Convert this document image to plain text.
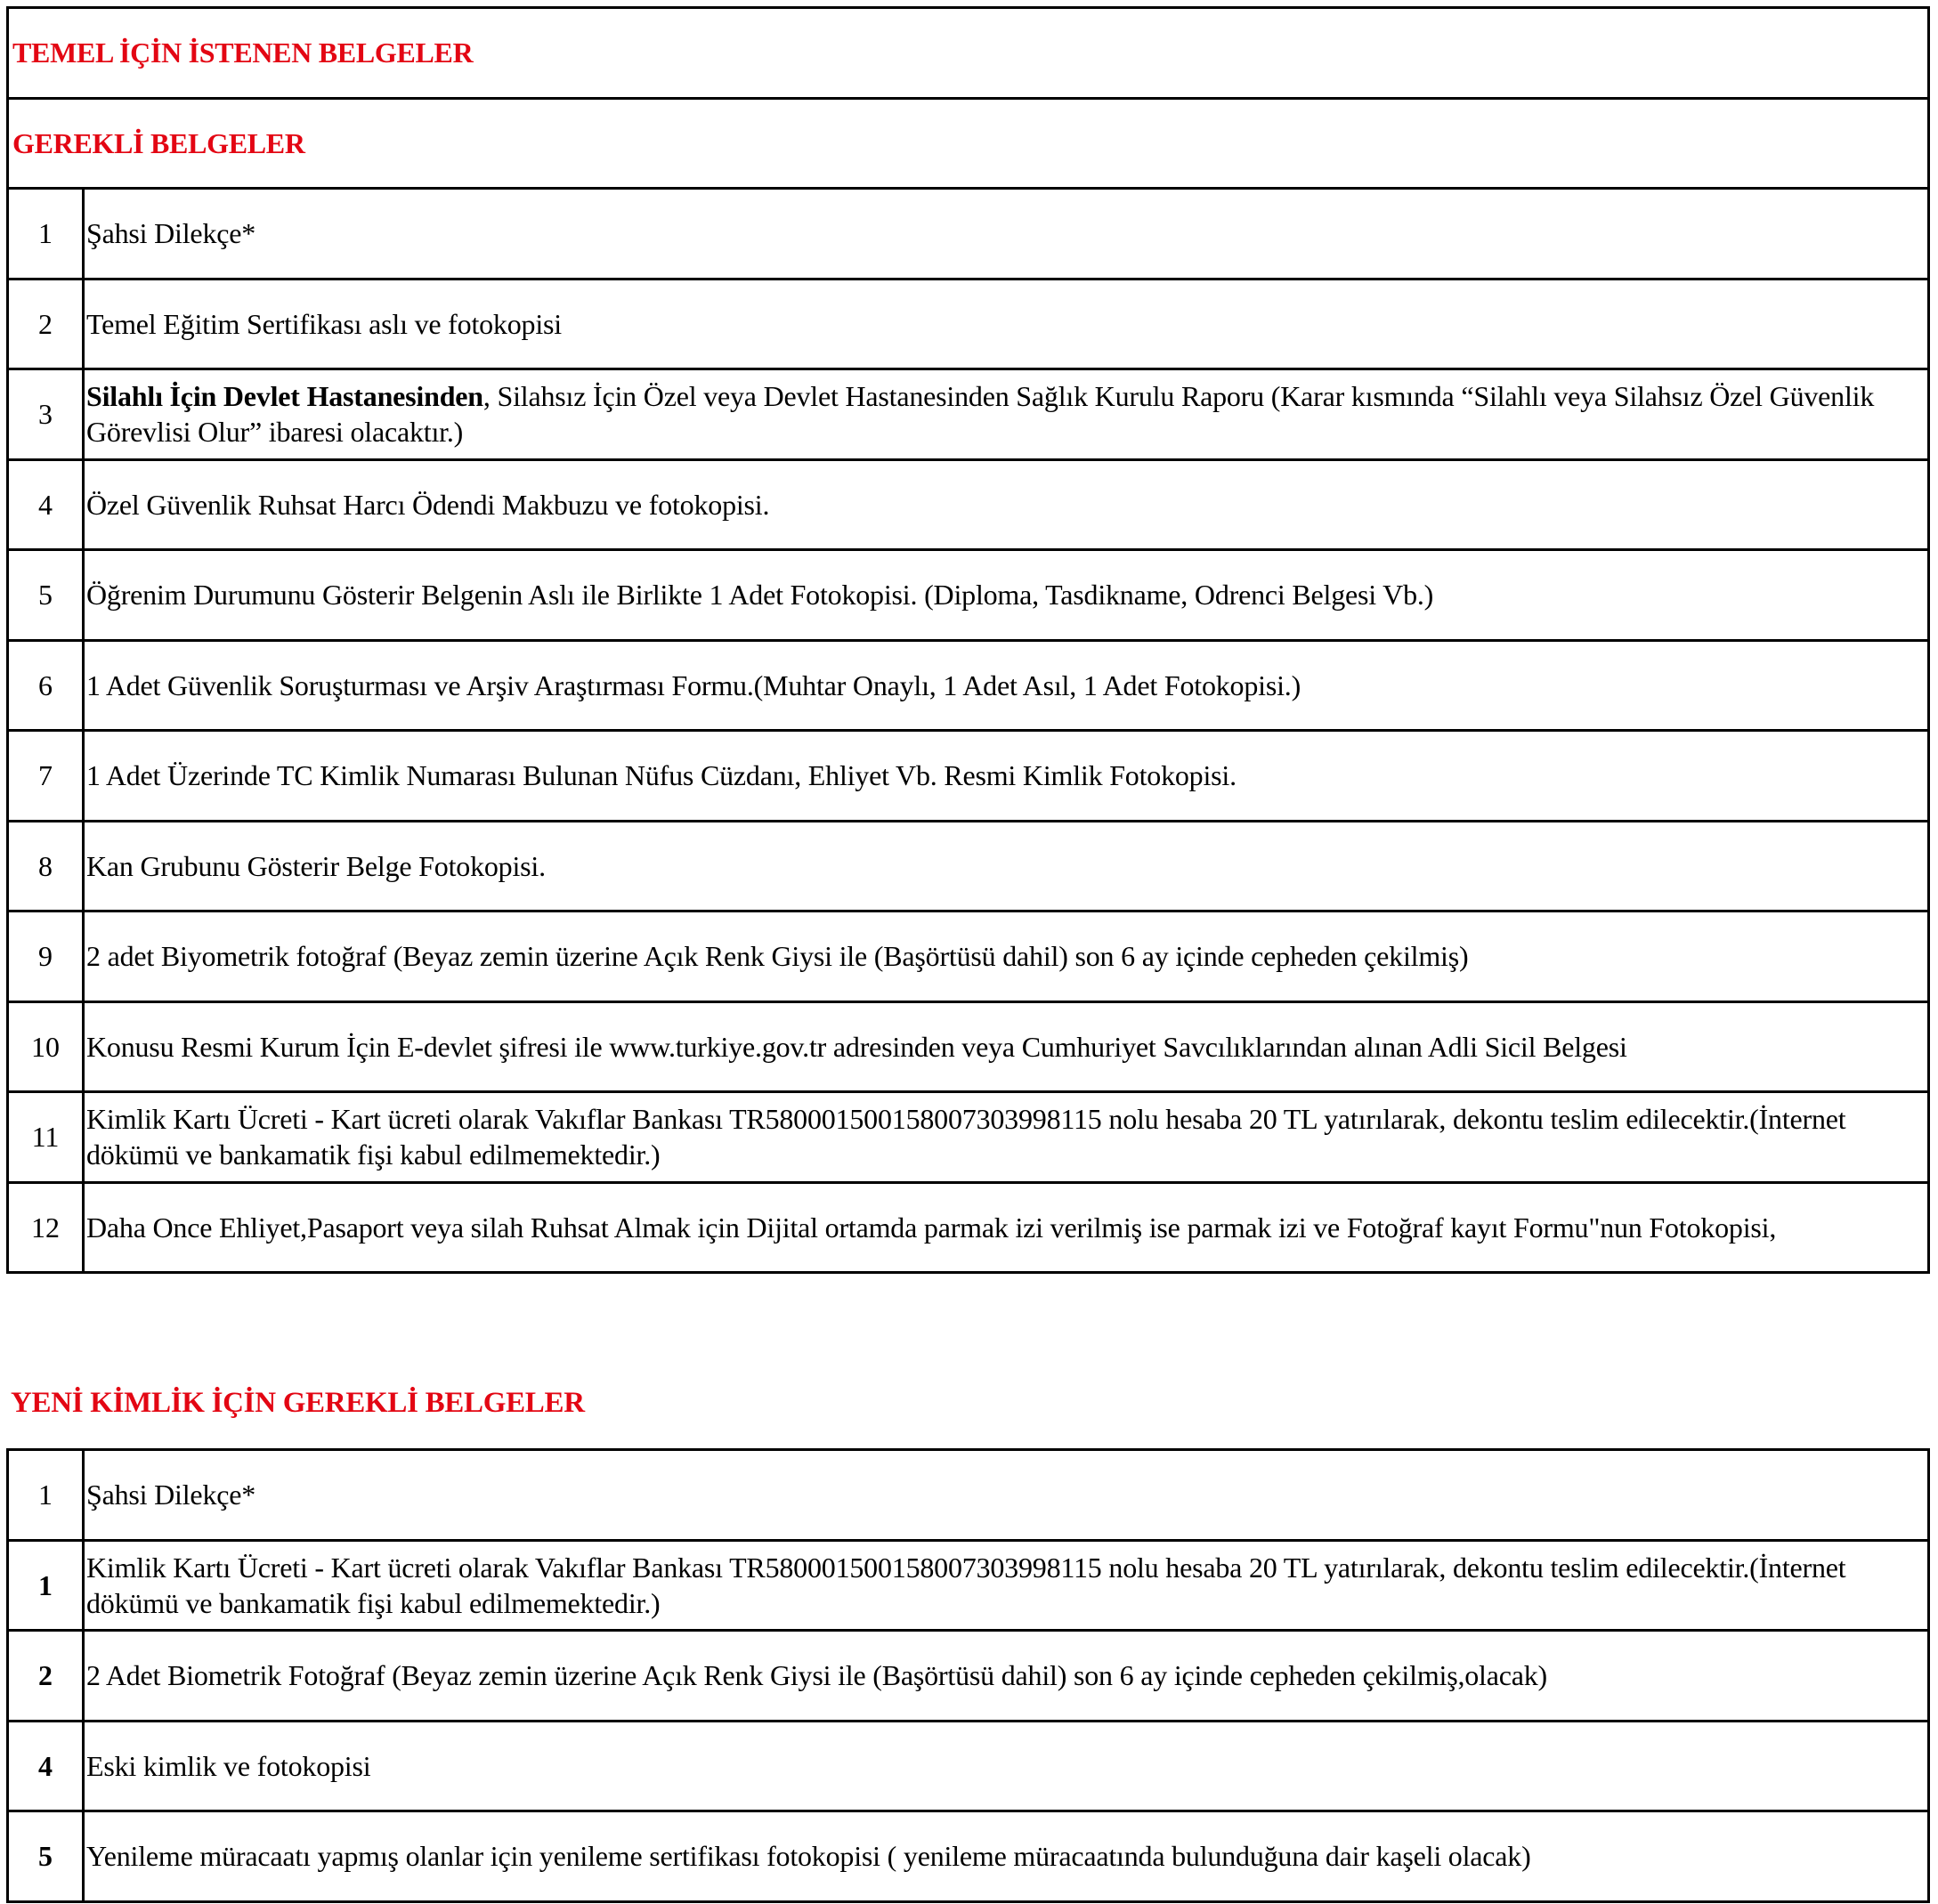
TEMEL İÇİN İSTENEN BELGELER	
GEREKLİ BELGELER	
1	Şahsi Dilekçe*
2	Temel Eğitim Sertifikası aslı ve fotokopisi
3	Silahlı İçin Devlet Hastanesinden, Silahsız İçin Özel veya Devlet Hastanesinden Sağlık Kurulu Raporu (Karar kısmında “Silahlı veya Silahsız Özel Güvenlik Görevlisi Olur” ibaresi olacaktır.)
4	Özel Güvenlik Ruhsat Harcı Ödendi Makbuzu ve fotokopisi.
5	Öğrenim Durumunu Gösterir Belgenin Aslı ile Birlikte 1 Adet Fotokopisi. (Diploma, Tasdikname, Odrenci Belgesi Vb.)
6	1 Adet Güvenlik Soruşturması ve Arşiv Araştırması Formu.(Muhtar Onaylı, 1 Adet Asıl, 1 Adet Fotokopisi.)
7	1 Adet Üzerinde TC Kimlik Numarası Bulunan Nüfus Cüzdanı, Ehliyet Vb. Resmi Kimlik Fotokopisi.
8	Kan Grubunu Gösterir Belge Fotokopisi.
9	2 adet Biyometrik fotoğraf (Beyaz zemin üzerine Açık Renk Giysi ile (Başörtüsü dahil) son 6 ay içinde cepheden çekilmiş)
10	Konusu Resmi Kurum İçin E-devlet şifresi ile www.turkiye.gov.tr adresinden veya Cumhuriyet Savcılıklarından alınan Adli Sicil Belgesi
11	Kimlik Kartı Ücreti - Kart ücreti olarak Vakıflar Bankası TR580001500158007303998115 nolu hesaba 20 TL yatırılarak, dekontu teslim edilecektir.(İnternet dökümü ve bankamatik fişi kabul edilmemektedir.)
12	Daha Once Ehliyet,Pasaport veya silah Ruhsat Almak için Dijital ortamda parmak izi verilmiş ise parmak izi ve Fotoğraf kayıt Formu"nun Fotokopisi,
YENİ KİMLİK İÇİN GEREKLİ BELGELER
1	Şahsi Dilekçe*
1	Kimlik Kartı Ücreti - Kart ücreti olarak Vakıflar Bankası TR580001500158007303998115 nolu hesaba 20 TL yatırılarak, dekontu teslim edilecektir.(İnternet dökümü ve bankamatik fişi kabul edilmemektedir.)
2	2 Adet Biometrik Fotoğraf (Beyaz zemin üzerine Açık Renk Giysi ile (Başörtüsü dahil) son 6 ay içinde cepheden çekilmiş,olacak)
4	Eski kimlik ve fotokopisi
5	Yenileme müracaatı yapmış olanlar için yenileme sertifikası fotokopisi ( yenileme müracaatında bulunduğuna dair kaşeli olacak)
